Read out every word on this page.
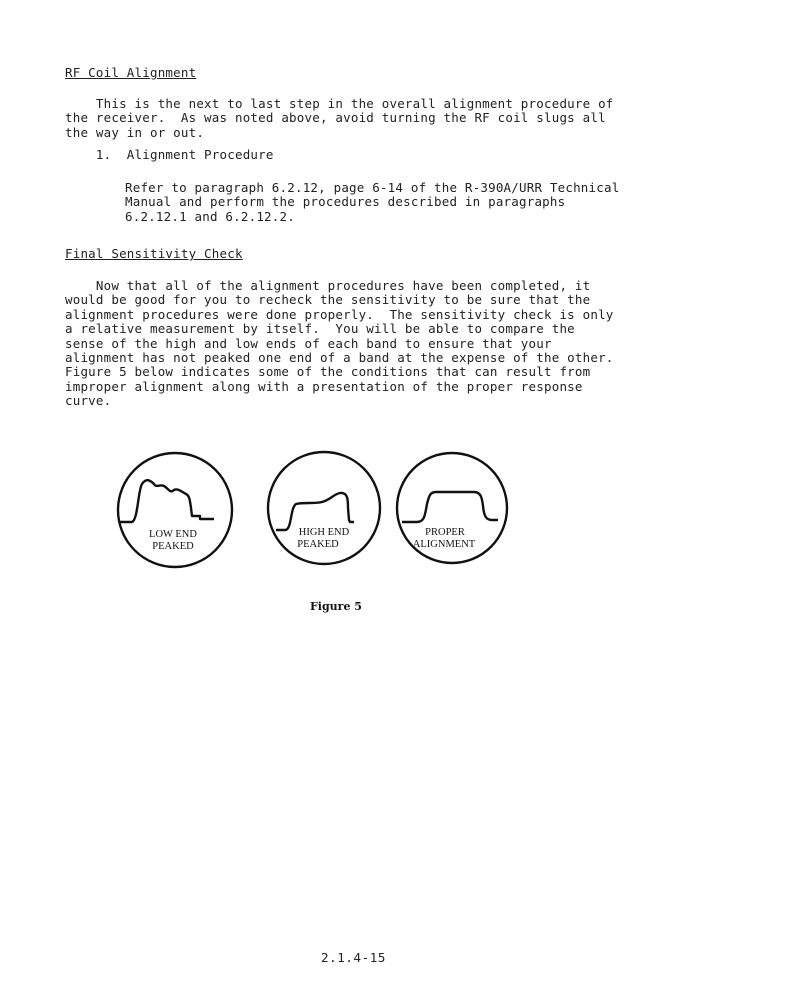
RF Coil Alignment
This is the next to last step in the overall alignment procedure of
the receiver.  As was noted above, avoid turning the RF coil slugs all
the way in or out.
1.  Alignment Procedure
Refer to paragraph 6.2.12, page 6-14 of the R-390A/URR Technical
Manual and perform the procedures described in paragraphs
6.2.12.1 and 6.2.12.2.
Final Sensitivity Check
Now that all of the alignment procedures have been completed, it
would be good for you to recheck the sensitivity to be sure that the
alignment procedures were done properly.  The sensitivity check is only
a relative measurement by itself.  You will be able to compare the
sense of the high and low ends of each band to ensure that your
alignment has not peaked one end of a band at the expense of the other.
Figure 5 below indicates some of the conditions that can result from
improper alignment along with a presentation of the proper response
curve.
LOW END
PEAKED
HIGH END
PEAKED
PROPER
ALIGNMENT
Figure 5
2.1.4-15
